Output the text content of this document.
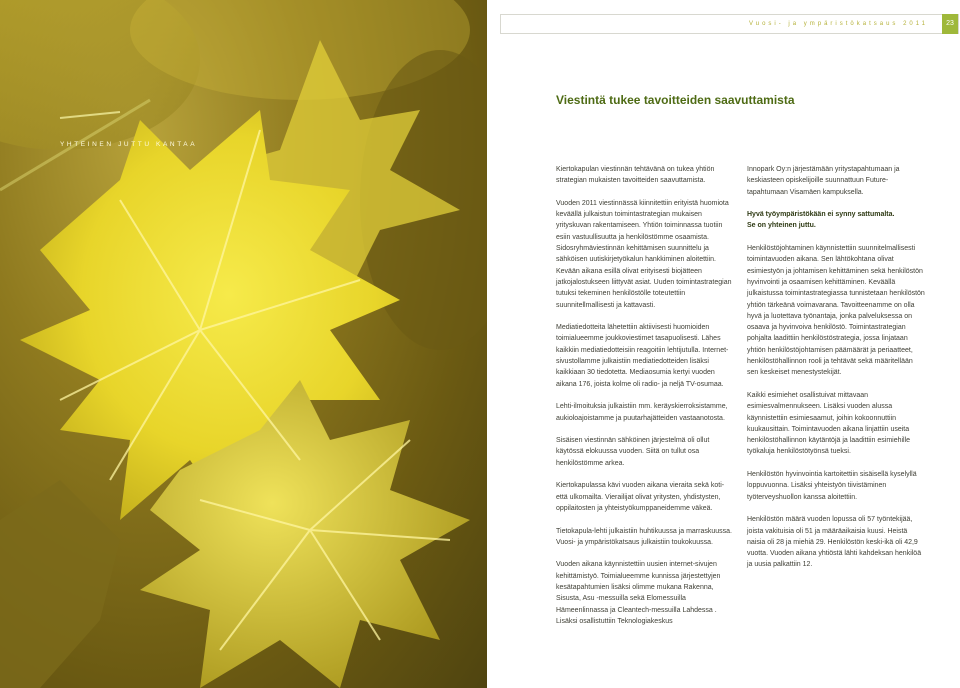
YHTEINEN JUTTU KANTAA
Vuosi- ja ympäristökatsaus 2011	23
Viestintä tukee tavoitteiden saavuttamista

Kiertokapulan viestinnän tehtävänä on tukea yhtiön strategian mukaisten tavoitteiden saavuttamista.

Vuoden 2011 viestinnässä kiinnitettiin erityistä huomiota keväällä julkaistun toimintastrategian mukaisen yrityskuvan rakentamiseen. Yhtiön toiminnassa tuotiin esiin vastuullisuutta ja henkilöstömme osaamista. Sidosryhmäviestinnän kehittämisen suunnittelu ja sähköisen uutiskirjetyökalun hankkiminen aloitettiin. Kevään aikana esillä olivat erityisesti biojätteen jatkojalostukseen liittyvät asiat. Uuden toimintastrategian tutuksi tekeminen henkilöstölle toteutettiin suunnitellmallisesti ja kattavasti.

Mediatiedotteita lähetettiin aktiivisesti huomioiden toimialueemme joukkoviestimet tasapuolisesti. Lähes kaikkiin mediatiedotteisiin reagoitiin lehtijutulla. Internet-sivustollamme julkaistiin mediatiedotteiden lisäksi kaikkiaan 30 tiedotetta. Mediaosumia kertyi vuoden aikana 176, joista kolme oli radio- ja neljä TV-osumaa.

Lehti-ilmoituksia julkaistiin mm. keräyskierroksistamme, aukioloajoistamme ja puutarhajätteiden vastaanotosta.

Sisäisen viestinnän sähköinen järjestelmä oli ollut käytössä elokuussa vuoden. Siitä on tullut osa henkilöstömme arkea.

Kiertokapulassa kävi vuoden aikana vieraita sekä koti- että ulkomailta. Vierailijat olivat yritysten, yhdistysten, oppilaitosten ja yhteistyökumppaneidemme väkeä.

Tietokapula-lehti julkaistiin huhtikuussa ja marraskuussa. Vuosi- ja ympäristökatsaus julkaistiin toukokuussa.

Vuoden aikana käynnistettiin uusien internet-sivujen kehittämistyö. Toimialueemme kunnissa järjestettyjen kesätapahtumien lisäksi olimme mukana Rakenna, Sisusta, Asu -messuilla sekä Elomessuilla Hämeenlinnassa ja Cleantech-messuilla Lahdessa . Lisäksi osallistuttiin Teknologiakeskus

Innopark Oy:n järjestämään yritystapahtumaan ja keskiasteen opiskelijoille suunnattuun Future-tapahtumaan Visamäen kampuksella.

Hyvä työympäristökään ei synny sattumalta.
Se on yhteinen juttu.

Henkilöstöjohtaminen käynnistettiin suunnitelmallisesti toimintavuoden aikana. Sen lähtökohtana olivat esimiestyön ja johtamisen kehittäminen sekä henkilöstön hyvinvointi ja osaamisen kehittäminen. Keväällä julkaistussa toimintastrategiassa tunnistetaan henkilöstön yhtiön tärkeänä voimavarana. Tavoitteenamme on olla hyvä ja luotettava työnantaja, jonka palveluksessa on osaava ja hyvinvoiva henkilöstö. Toimintastrategian pohjalta laadittiin henkilöstöstrategia, jossa linjataan yhtiön henkilöstöjohtamisen päämäärät ja periaatteet, henkilöstöhallinnon rooli ja tehtävät sekä määritellään sen keskeiset menestystekijät.

Kaikki esimiehet osallistuivat mittavaan esimiesvalmennukseen. Lisäksi vuoden alussa käynnistettiin esimiesaamut, joihin kokoonnuttiin kuukausittain. Toimintavuoden aikana linjattiin useita henkilöstöhallinnon käytäntöjä ja laadittiin esimiehille työkaluja henkilöstötyönsä tueksi.

Henkilöstön hyvinvointia kartoitettiin sisäisellä kyselyllä loppuvuonna. Lisäksi yhteistyön tiivistäminen työterveyshuollon kanssa aloitettiin.

Henkilöstön määrä vuoden lopussa oli 57 työntekijää, joista vakituisia oli 51 ja määräaikaisia kuusi. Heistä naisia oli 28 ja miehiä 29. Henkilöstön keski-ikä oli 42,9 vuotta. Vuoden aikana yhtiöstä lähti kahdeksan henkilöä ja uusia palkattiin 12.
